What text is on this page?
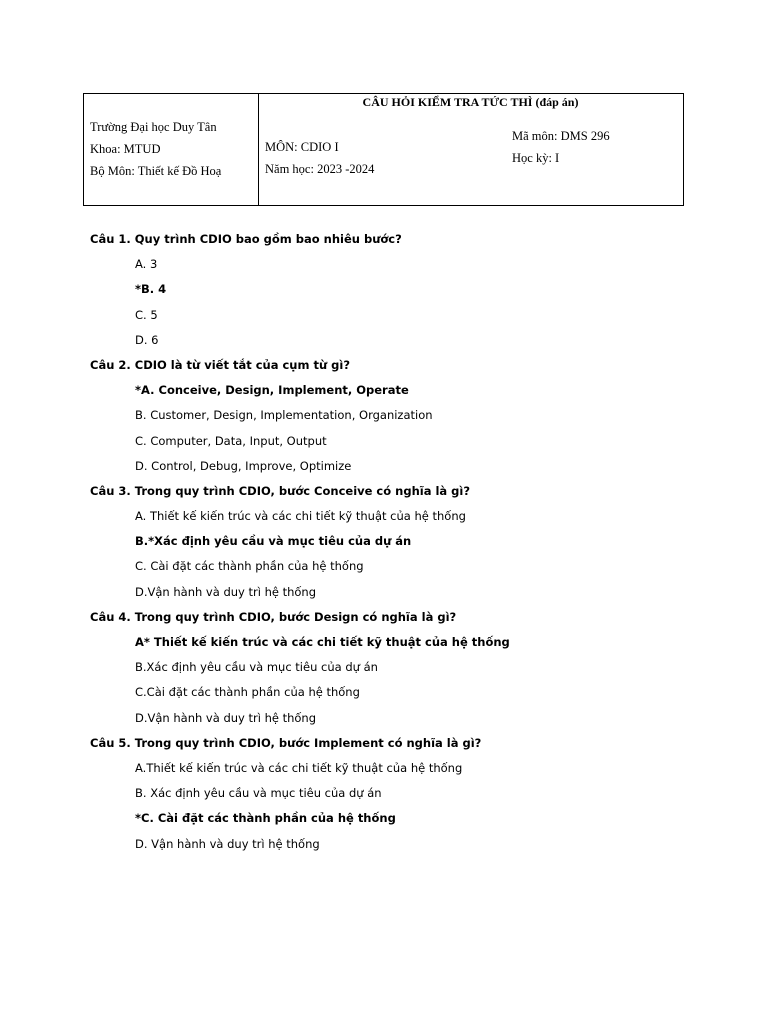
Trường Đại học Duy Tân
Khoa: MTUD
Bộ Môn: Thiết kế Đồ Hoạ
CÂU HỎI KIỂM TRA TỨC THÌ (đáp án)
MÔN: CDIO I
Năm học: 2023 -2024
Mã môn: DMS 296
Học kỳ: I
Câu 1. Quy trình CDIO bao gồm bao nhiêu bước?
A. 3
*B. 4
C. 5
D. 6
Câu 2. CDIO là từ viết tắt của cụm từ gì?
*A. Conceive, Design, Implement, Operate
B. Customer, Design, Implementation, Organization
C. Computer, Data, Input, Output
D. Control, Debug, Improve, Optimize
Câu 3. Trong quy trình CDIO, bước Conceive có nghĩa là gì?
A. Thiết kế kiến trúc và các chi tiết kỹ thuật của hệ thống
B.*Xác định yêu cầu và mục tiêu của dự án
C. Cài đặt các thành phần của hệ thống
D.Vận hành và duy trì hệ thống
Câu 4. Trong quy trình CDIO, bước Design có nghĩa là gì?
A* Thiết kế kiến trúc và các chi tiết kỹ thuật của hệ thống
B.Xác định yêu cầu và mục tiêu của dự án
C.Cài đặt các thành phần của hệ thống
D.Vận hành và duy trì hệ thống
Câu 5. Trong quy trình CDIO, bước Implement có nghĩa là gì?
A.Thiết kế kiến trúc và các chi tiết kỹ thuật của hệ thống
B. Xác định yêu cầu và mục tiêu của dự án
*C. Cài đặt các thành phần của hệ thống
D. Vận hành và duy trì hệ thống
